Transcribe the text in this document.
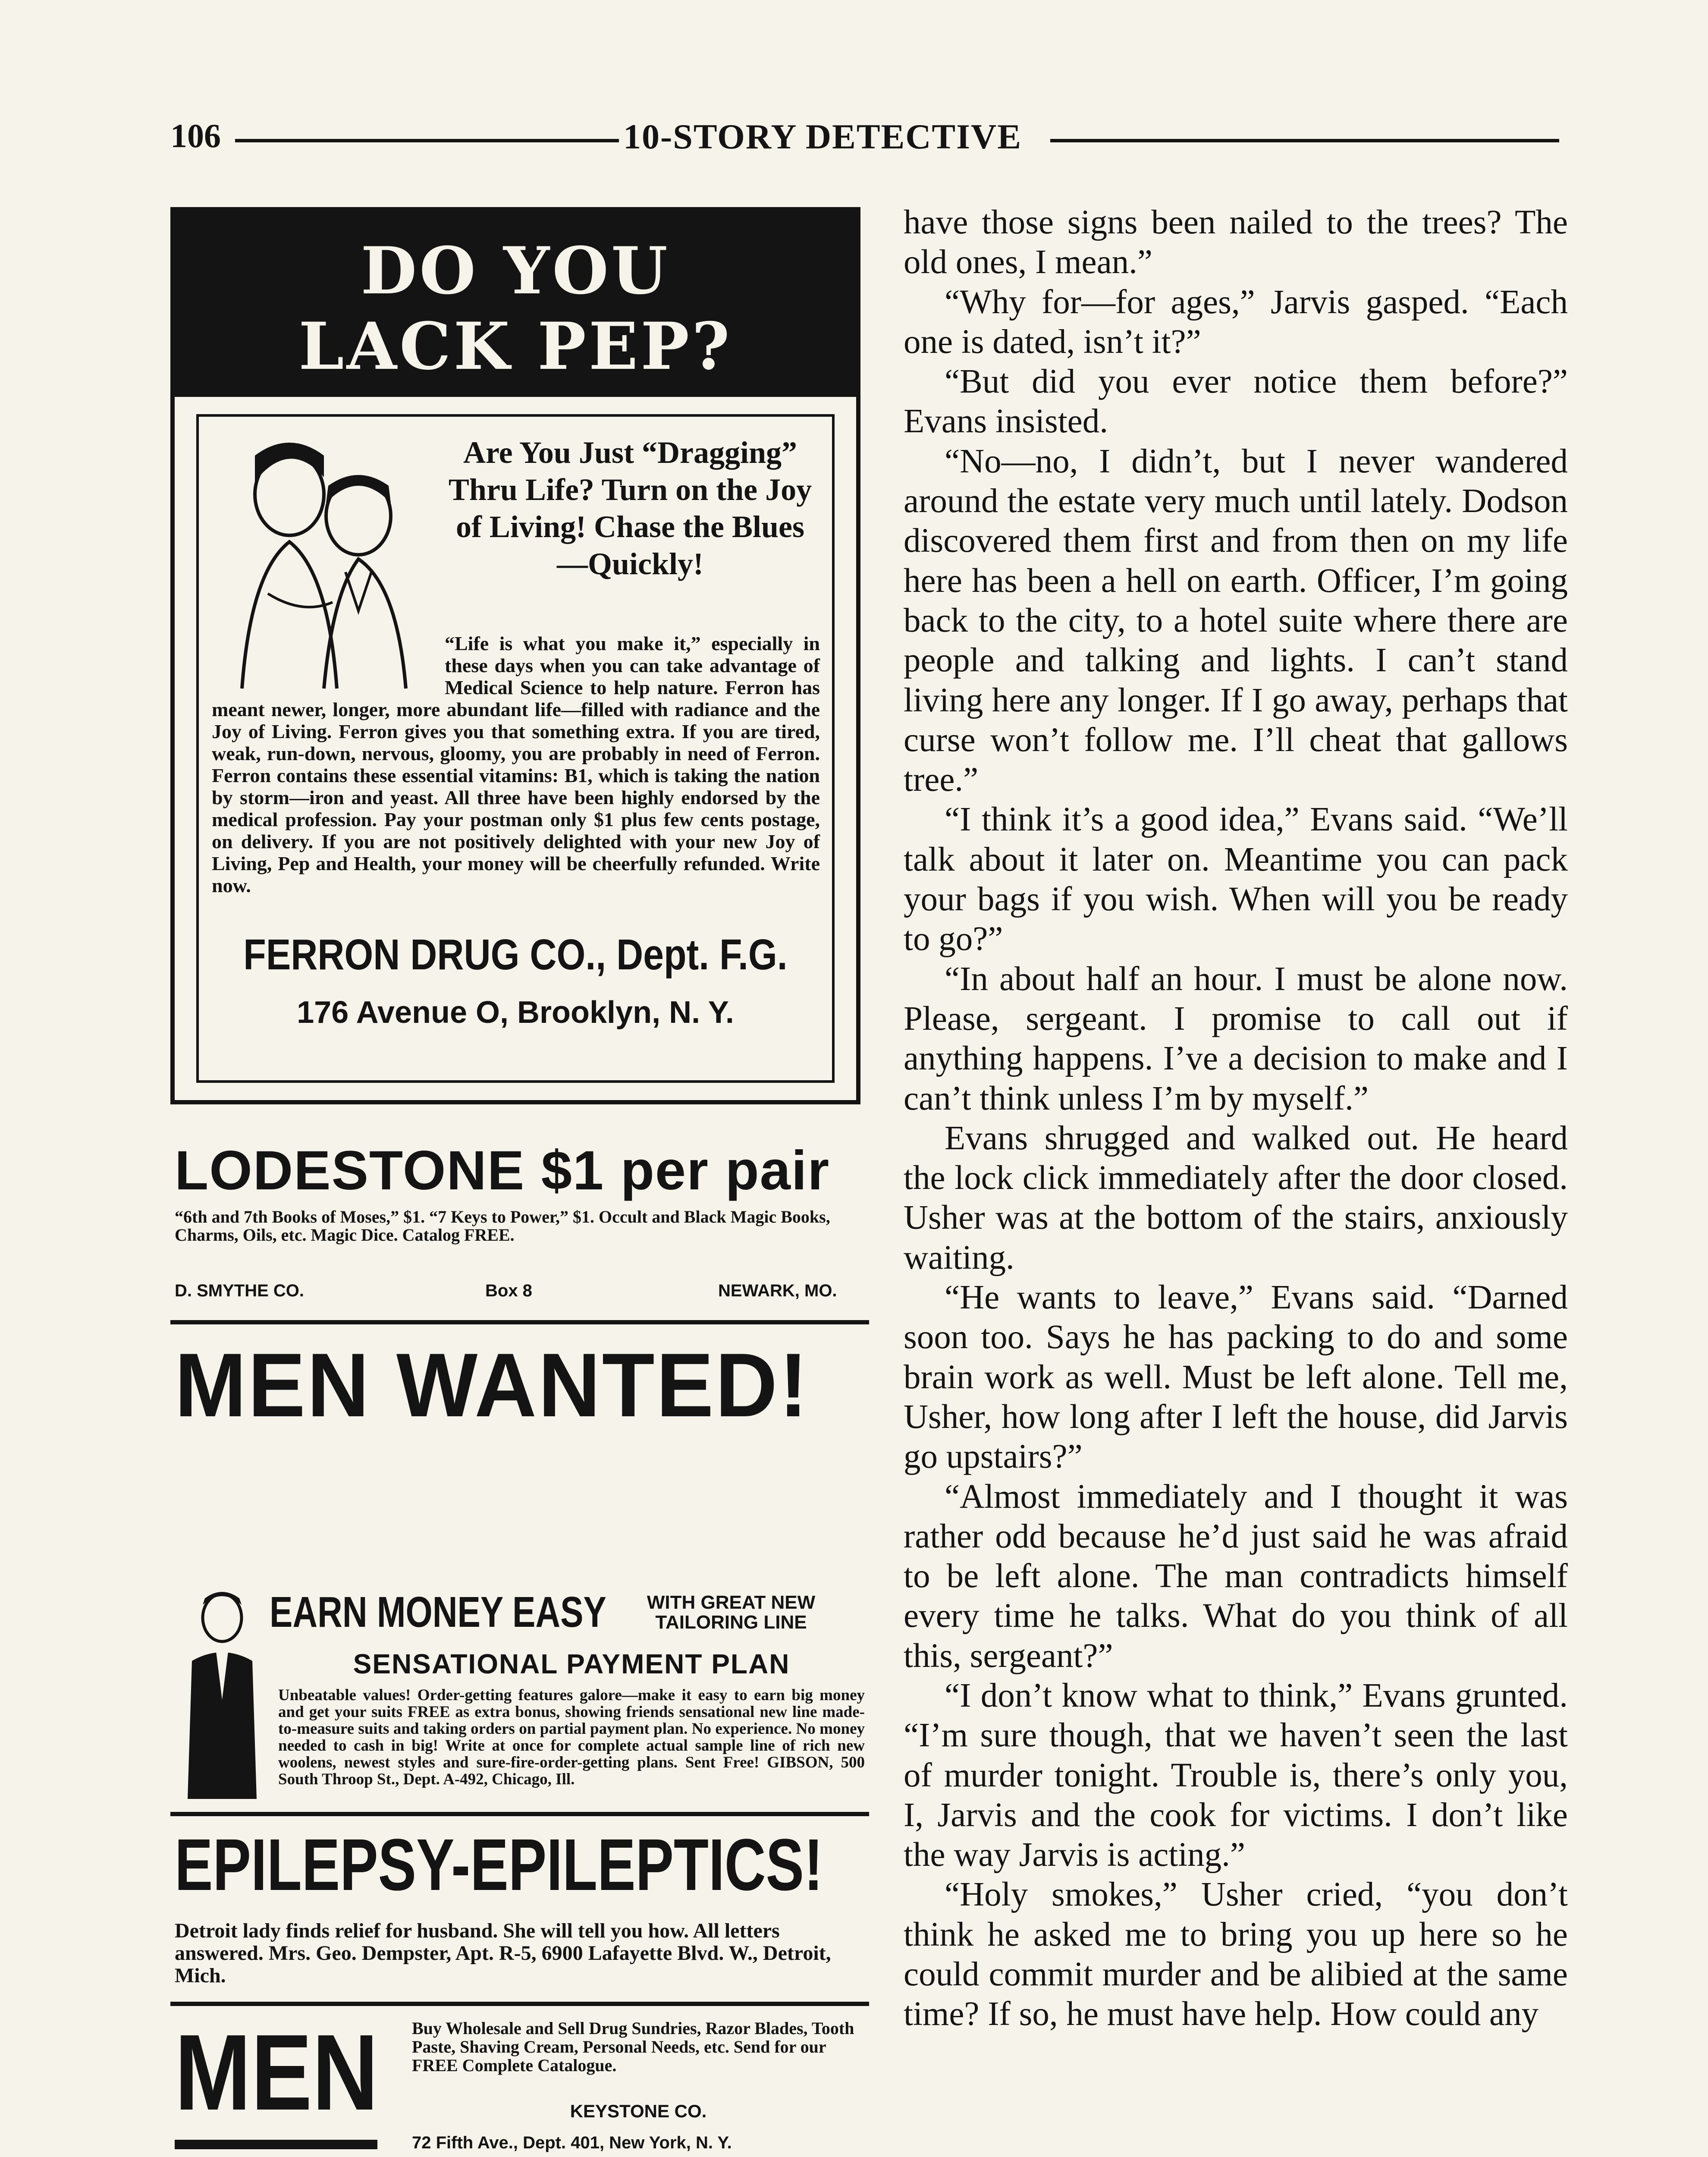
106	10-STORY DETECTIVE
DO YOU
LACK PEP?
Are You Just “Dragging” Thru Life? Turn on the Joy of Living! Chase the Blues—Quickly!
“Life is what you make it,” especially in these days when you can take advantage of Medical Science to help nature. Ferron has meant newer, longer, more abundant life—filled with radiance and the Joy of Living. Ferron gives you that something extra. If you are tired, weak, run-down, nervous, gloomy, you are probably in need of Ferron. Ferron contains these essential vitamins: B1, which is taking the nation by storm—iron and yeast. All three have been highly endorsed by the medical profession. Pay your postman only $1 plus few cents postage, on delivery. If you are not positively delighted with your new Joy of Living, Pep and Health, your money will be cheerfully refunded. Write now.
FERRON DRUG CO., Dept. F.G.
176 Avenue O, Brooklyn, N. Y.
LODESTONE $1 per pair
“6th and 7th Books of Moses,” $1. “7 Keys to Power,” $1. Occult and Black Magic Books, Charms, Oils, etc. Magic Dice. Catalog FREE.
D. SMYTHE CO.	Box 8	NEWARK, MO.
MEN WANTED!
EARN MONEY EASY	WITH GREAT NEW TAILORING LINE
SENSATIONAL PAYMENT PLAN
Unbeatable values! Order-getting features galore—make it easy to earn big money and get your suits FREE as extra bonus, showing friends sensational new line made-to-measure suits and taking orders on partial payment plan. No experience. No money needed to cash in big! Write at once for complete actual sample line of rich new woolens, newest styles and sure-fire-order-getting plans. Sent Free! GIBSON, 500 South Throop St., Dept. A-492, Chicago, Ill.
EPILEPSY-EPILEPTICS!
Detroit lady finds relief for husband. She will tell you how. All letters answered. Mrs. Geo. Dempster, Apt. R-5, 6900 Lafayette Blvd. W., Detroit, Mich.
MEN Buy Wholesale and Sell Drug Sundries, Razor Blades, Tooth Paste, Shaving Cream, Personal Needs, etc. Send for our FREE Complete Catalogue.
KEYSTONE CO.
72 Fifth Ave., Dept. 401, New York, N. Y.

have those signs been nailed to the trees? The old ones, I mean.”

“Why for—for ages,” Jarvis gasped. “Each one is dated, isn’t it?”

“But did you ever notice them before?” Evans insisted.

“No—no, I didn’t, but I never wandered around the estate very much until lately. Dodson discovered them first and from then on my life here has been a hell on earth. Officer, I’m going back to the city, to a hotel suite where there are people and talking and lights. I can’t stand living here any longer. If I go away, perhaps that curse won’t follow me. I’ll cheat that gallows tree.”

“I think it’s a good idea,” Evans said. “We’ll talk about it later on. Meantime you can pack your bags if you wish. When will you be ready to go?”

“In about half an hour. I must be alone now. Please, sergeant. I promise to call out if anything happens. I’ve a decision to make and I can’t think unless I’m by myself.”

Evans shrugged and walked out. He heard the lock click immediately after the door closed. Usher was at the bottom of the stairs, anxiously waiting.

“He wants to leave,” Evans said. “Darned soon too. Says he has packing to do and some brain work as well. Must be left alone. Tell me, Usher, how long after I left the house, did Jarvis go upstairs?”

“Almost immediately and I thought it was rather odd because he’d just said he was afraid to be left alone. The man contradicts himself every time he talks. What do you think of all this, sergeant?”

“I don’t know what to think,” Evans grunted. “I’m sure though, that we haven’t seen the last of murder tonight. Trouble is, there’s only you, I, Jarvis and the cook for victims. I don’t like the way Jarvis is acting.”

“Holy smokes,” Usher cried, “you don’t think he asked me to bring you up here so he could commit murder and be alibied at the same time? If so, he must have help. How could any
